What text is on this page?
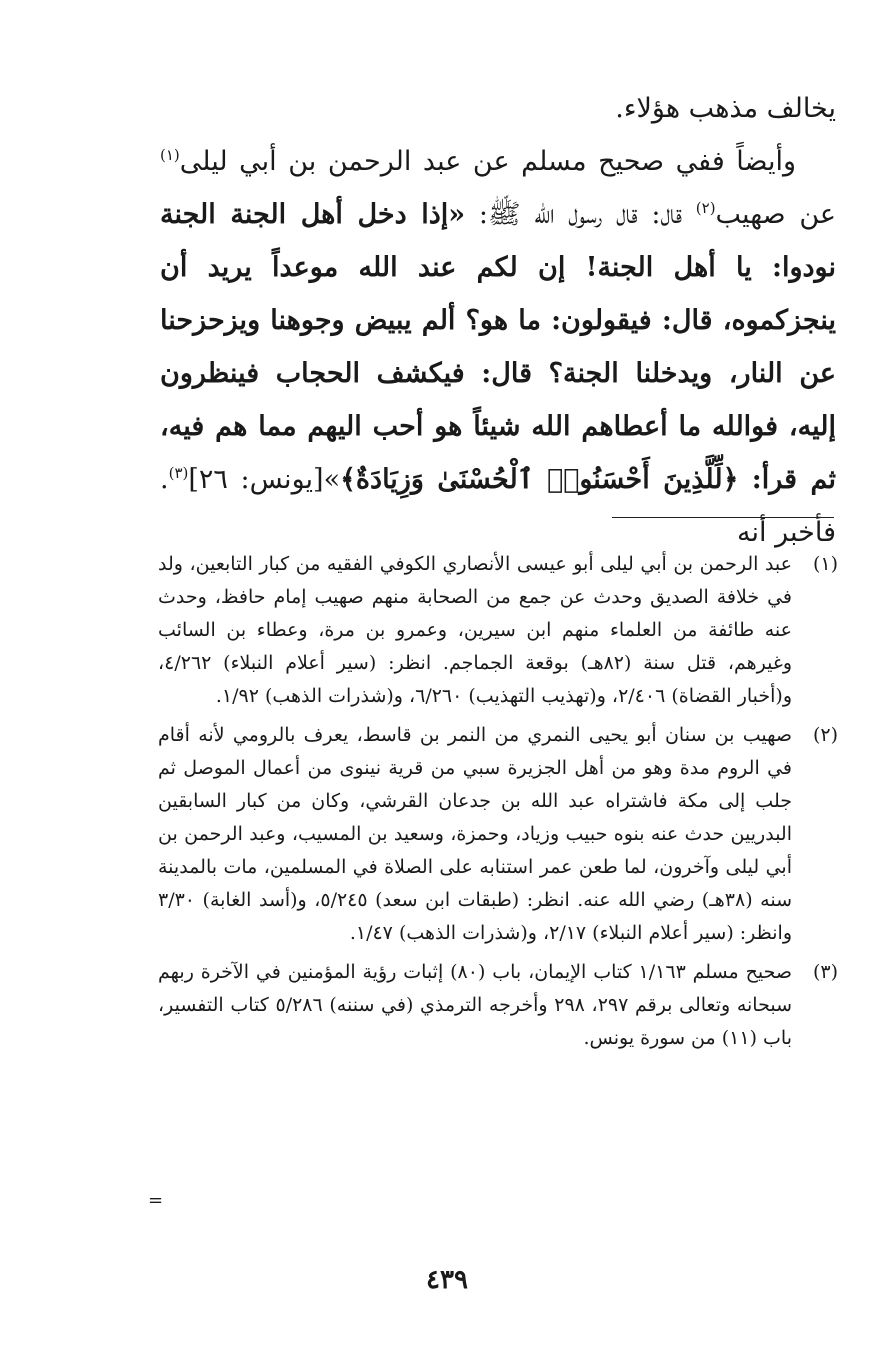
يخالف مذهب هؤلاء.

وأيضاً ففي صحيح مسلم عن عبد الرحمن بن أبي ليلى$^{(١)}$ عن صهيب$^{(٢)}$ قال: قال رسول الله ﷺ: «إذا دخل أهل الجنة الجنة نودوا: يا أهل الجنة! إن لكم عند الله موعداً يريد أن ينجزكموه، قال: فيقولون: ما هو؟ ألم يبيض وجوهنا ويزحزحنا عن النار، ويدخلنا الجنة؟ قال: فيكشف الحجاب فينظرون إليه، فوالله ما أعطاهم الله شيئاً هو أحب اليهم مما هم فيه، ثم قرأ: ﴿لِّلَّذِينَ أَحْسَنُوا۟ ٱلْحُسْنَىٰ وَزِيَادَةٌ﴾»[يونس: ٢٦]$^{(٣)}$. فأخبر أنه

(١)
عبد الرحمن بن أبي ليلى أبو عيسى الأنصاري الكوفي الفقيه من كبار التابعين، ولد في خلافة الصديق وحدث عن جمع من الصحابة منهم صهيب إمام حافظ، وحدث عنه طائفة من العلماء منهم ابن سيرين، وعمرو بن مرة، وعطاء بن السائب وغيرهم، قتل سنة (٨٢هـ) بوقعة الجماجم. انظر: (سير أعلام النبلاء) ٤/٢٦٢، و(أخبار القضاة) ٢/٤٠٦، و(تهذيب التهذيب) ٦/٢٦٠، و(شذرات الذهب) ١/٩٢.
(٢)
صهيب بن سنان أبو يحيى النمري من النمر بن قاسط، يعرف بالرومي لأنه أقام في الروم مدة وهو من أهل الجزيرة سبي من قرية نينوى من أعمال الموصل ثم جلب إلى مكة فاشتراه عبد الله بن جدعان القرشي، وكان من كبار السابقين البدريين حدث عنه بنوه حبيب وزياد، وحمزة، وسعيد بن المسيب، وعبد الرحمن بن أبي ليلى وآخرون، لما طعن عمر استنابه على الصلاة في المسلمين، مات بالمدينة سنه (٣٨هـ) رضي الله عنه. انظر: (طبقات ابن سعد) ٥/٢٤٥، و(أسد الغابة) ٣/٣٠ وانظر: (سير أعلام النبلاء) ٢/١٧، و(شذرات الذهب) ١/٤٧.
(٣)
صحيح مسلم ١/١٦٣ كتاب الإيمان، باب (٨٠) إثبات رؤية المؤمنين في الآخرة ربهم سبحانه وتعالى برقم ٢٩٧، ٢٩٨ وأخرجه الترمذي (في سننه) ٥/٢٨٦ كتاب التفسير، باب (١١) من سورة يونس.
=
٤٣٩
